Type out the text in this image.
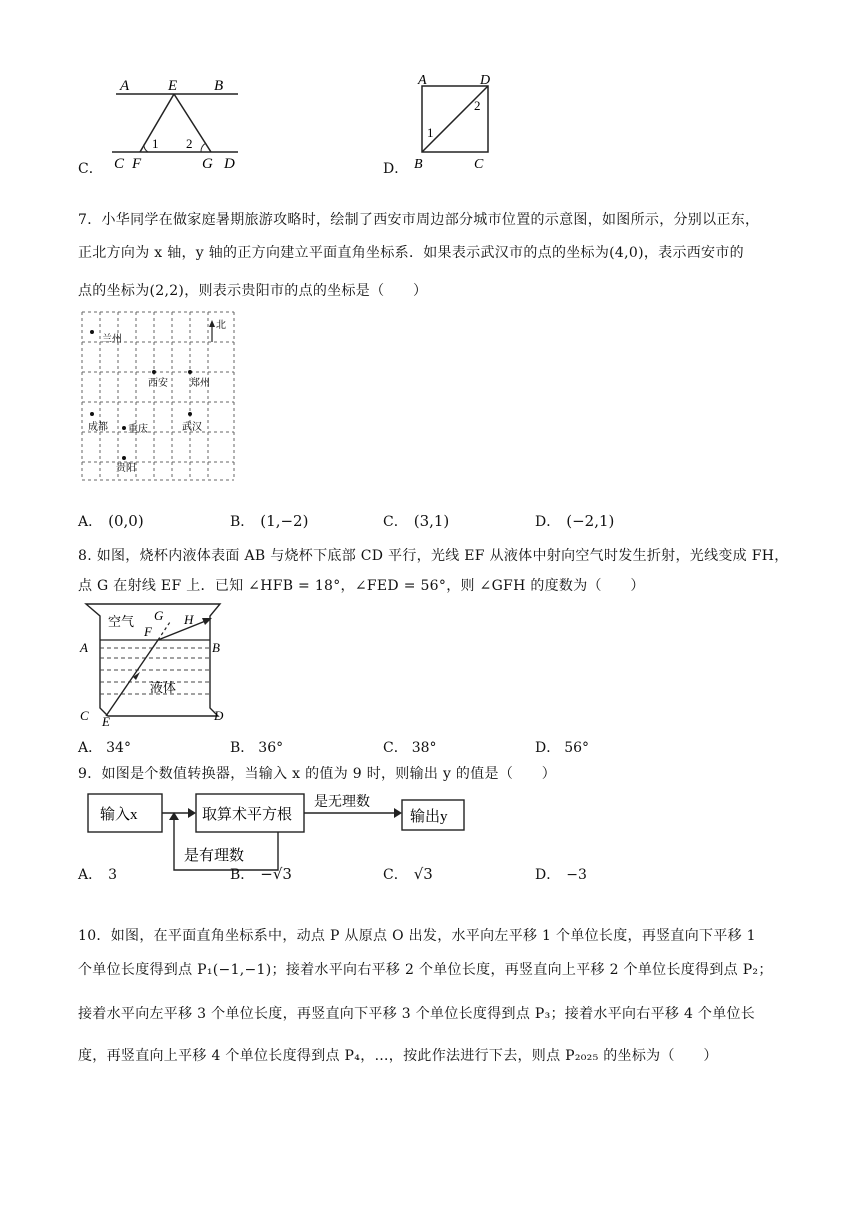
C．
A	E B
C F	G D
1 2
D．
A	D
B	C
1
2
7．小华同学在做家庭暑期旅游攻略时，绘制了西安市周边部分城市位置的示意图，如图所示，分别以正东，
正北方向为 x 轴，y 轴的正方向建立平面直角坐标系．如果表示武汉市的点的坐标为(4,0)，表示西安市的
点的坐标为(2,2)，则表示贵阳市的点的坐标是（　　）
北
兰州
西安 郑州
成都 重庆	武汉
贵阳
A． (0,0)	B． (1,−2)	C． (3,1)	D． (−2,1)
8. 如图，烧杯内液体表面 AB 与烧杯下底部 CD 平行，光线 EF 从液体中射向空气时发生折射，光线变成 FH，
点 G 在射线 EF 上．已知 ∠HFB = 18°，∠FED = 56°，则 ∠GFH 的度数为（　　）
空气
液体
A	B
C	D
E
F
G H
A． 34°	B． 36°	C． 38°	D． 56°
9．如图是个数值转换器，当输入 x 的值为 9 时，则输出 y 的值是（　　）
输入x	取算术平方根
是无理数
输出y
是有理数
A． 3	B． −√3	C． √3	D． −3
10．如图，在平面直角坐标系中，动点 P 从原点 O 出发，水平向左平移 1 个单位长度，再竖直向下平移 1
个单位长度得到点 P₁(−1,−1)；接着水平向右平移 2 个单位长度，再竖直向上平移 2 个单位长度得到点 P₂；
接着水平向左平移 3 个单位长度，再竖直向下平移 3 个单位长度得到点 P₃；接着水平向右平移 4 个单位长
度，再竖直向上平移 4 个单位长度得到点 P₄，…，按此作法进行下去，则点 P₂₀₂₅ 的坐标为（　　）
